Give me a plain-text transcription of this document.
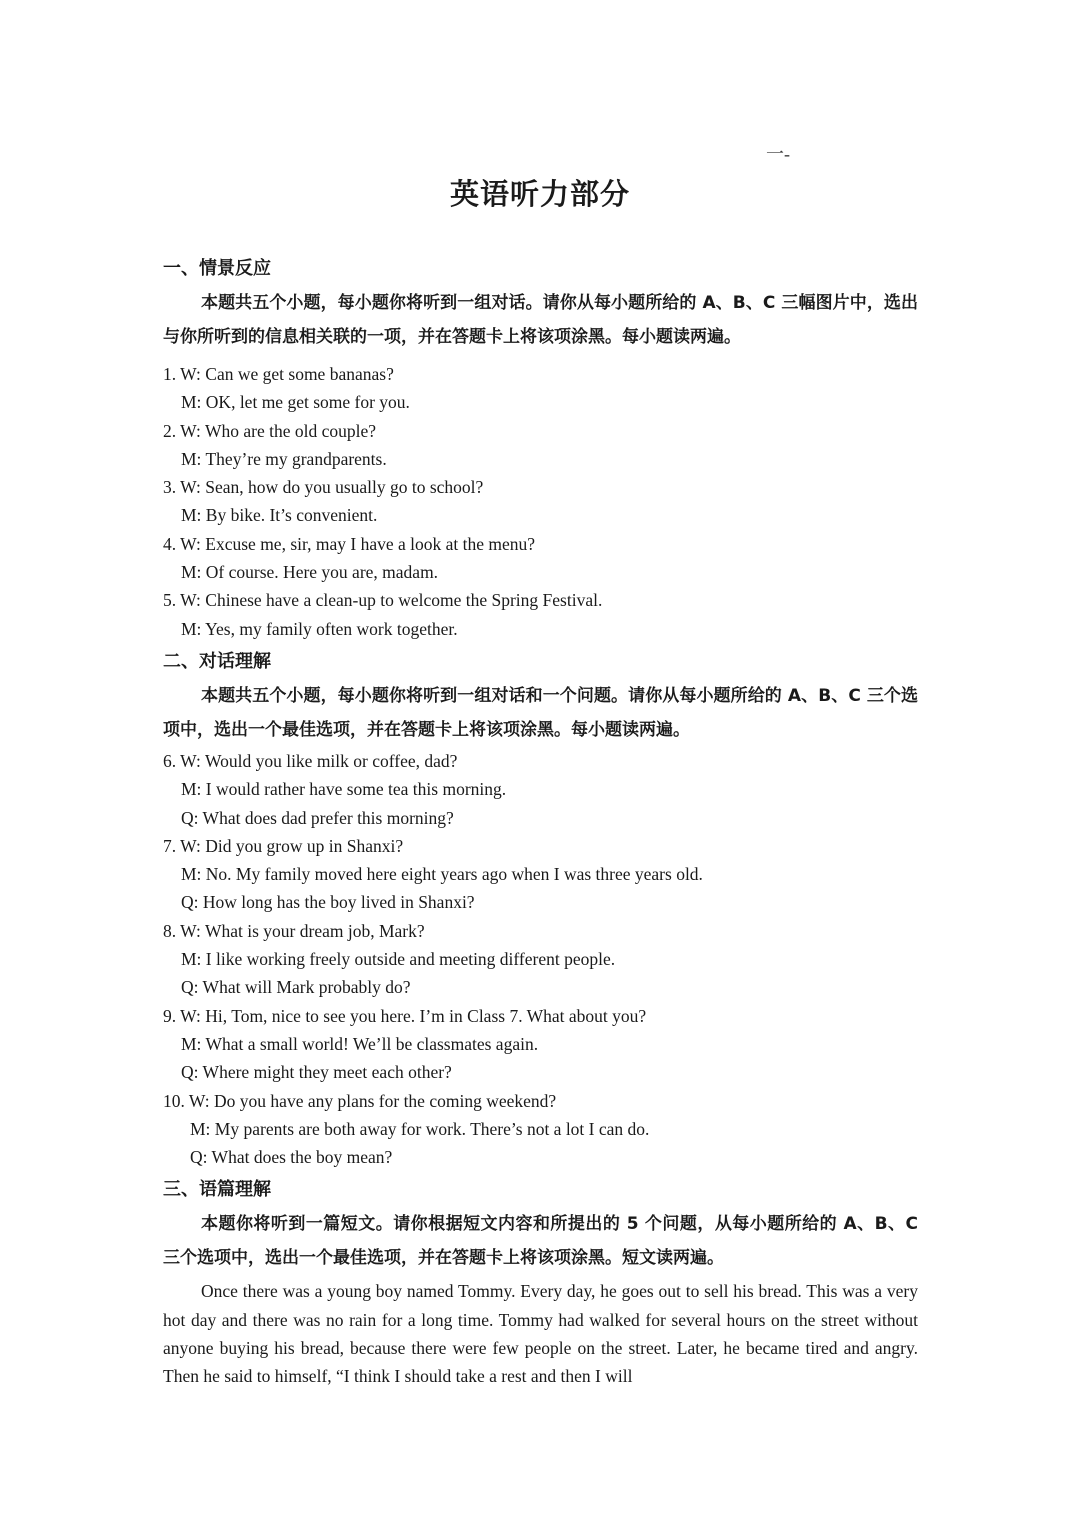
一-
英语听力部分
一、情景反应
本题共五个小题，每小题你将听到一组对话。请你从每小题所给的 A、B、C 三幅图片中，选出与你所听到的信息相关联的一项，并在答题卡上将该项涂黑。每小题读两遍。
1. W: Can we get some bananas?
M: OK, let me get some for you.
2. W: Who are the old couple?
M: They’re my grandparents.
3. W: Sean, how do you usually go to school?
M: By bike. It’s convenient.
4. W: Excuse me, sir, may I have a look at the menu?
M: Of course. Here you are, madam.
5. W: Chinese have a clean-up to welcome the Spring Festival.
M: Yes, my family often work together.
二、对话理解
本题共五个小题，每小题你将听到一组对话和一个问题。请你从每小题所给的 A、B、C 三个选项中，选出一个最佳选项，并在答题卡上将该项涂黑。每小题读两遍。
6. W: Would you like milk or coffee, dad?
M: I would rather have some tea this morning.
Q: What does dad prefer this morning?
7. W: Did you grow up in Shanxi?
M: No. My family moved here eight years ago when I was three years old.
Q: How long has the boy lived in Shanxi?
8. W: What is your dream job, Mark?
M: I like working freely outside and meeting different people.
Q: What will Mark probably do?
9. W: Hi, Tom, nice to see you here. I’m in Class 7. What about you?
M: What a small world! We’ll be classmates again.
Q: Where might they meet each other?
10. W: Do you have any plans for the coming weekend?
M: My parents are both away for work. There’s not a lot I can do.
Q: What does the boy mean?
三、语篇理解
本题你将听到一篇短文。请你根据短文内容和所提出的 5 个问题，从每小题所给的 A、B、C 三个选项中，选出一个最佳选项，并在答题卡上将该项涂黑。短文读两遍。
Once there was a young boy named Tommy. Every day, he goes out to sell his bread. This was a very hot day and there was no rain for a long time. Tommy had walked for several hours on the street without anyone buying his bread, because there were few people on the street. Later, he became tired and angry. Then he said to himself, “I think I should take a rest and then I will
